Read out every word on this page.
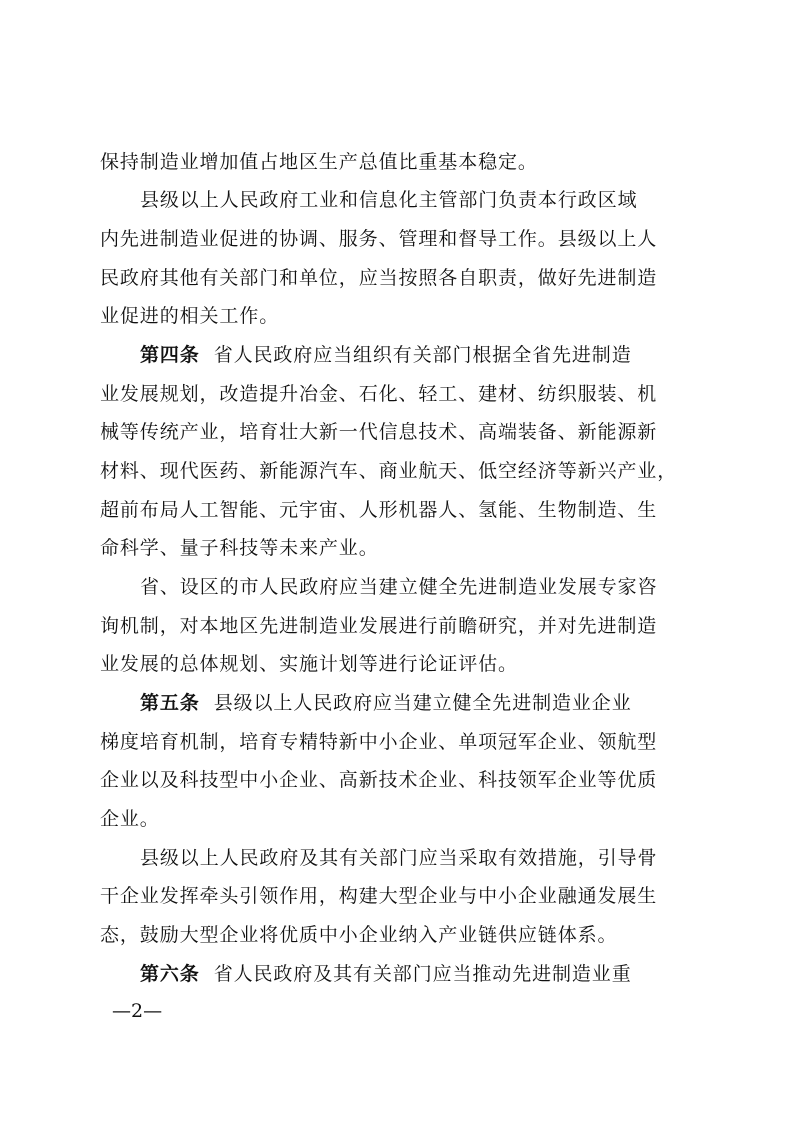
保持制造业增加值占地区生产总值比重基本稳定。
县级以上人民政府工业和信息化主管部门负责本行政区域
内先进制造业促进的协调、服务、管理和督导工作。县级以上人
民政府其他有关部门和单位，应当按照各自职责，做好先进制造
业促进的相关工作。
第四条 省人民政府应当组织有关部门根据全省先进制造
业发展规划，改造提升冶金、石化、轻工、建材、纺织服装、机
械等传统产业，培育壮大新一代信息技术、高端装备、新能源新
材料、现代医药、新能源汽车、商业航天、低空经济等新兴产业，
超前布局人工智能、元宇宙、人形机器人、氢能、生物制造、生
命科学、量子科技等未来产业。
省、设区的市人民政府应当建立健全先进制造业发展专家咨
询机制，对本地区先进制造业发展进行前瞻研究，并对先进制造
业发展的总体规划、实施计划等进行论证评估。
第五条 县级以上人民政府应当建立健全先进制造业企业
梯度培育机制，培育专精特新中小企业、单项冠军企业、领航型
企业以及科技型中小企业、高新技术企业、科技领军企业等优质
企业。
县级以上人民政府及其有关部门应当采取有效措施，引导骨
干企业发挥牵头引领作用，构建大型企业与中小企业融通发展生
态，鼓励大型企业将优质中小企业纳入产业链供应链体系。
第六条 省人民政府及其有关部门应当推动先进制造业重
—2—
